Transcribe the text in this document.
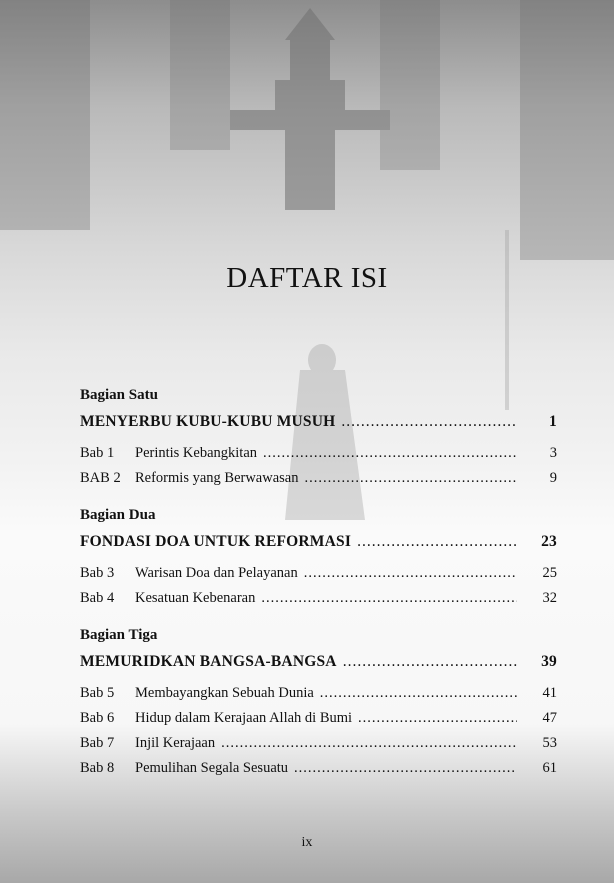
DAFTAR ISI
Bagian Satu
MENYERBU KUBU-KUBU MUSUH .....	1
Bab 1	Perintis Kebangkitan .....	3
BAB 2 Reformis yang Berwawasan .....	9
Bagian Dua
FONDASI DOA UNTUK REFORMASI .....	23
Bab 3	Warisan Doa dan Pelayanan .....	25
Bab 4	Kesatuan Kebenaran .....	32
Bagian Tiga
MEMURIDKAN BANGSA-BANGSA .....	39
Bab 5	Membayangkan Sebuah Dunia .....	41
Bab 6	Hidup dalam Kerajaan Allah di Bumi .....	47
Bab 7	Injil Kerajaan .....	53
Bab 8	Pemulihan Segala Sesuatu .....	61
ix
